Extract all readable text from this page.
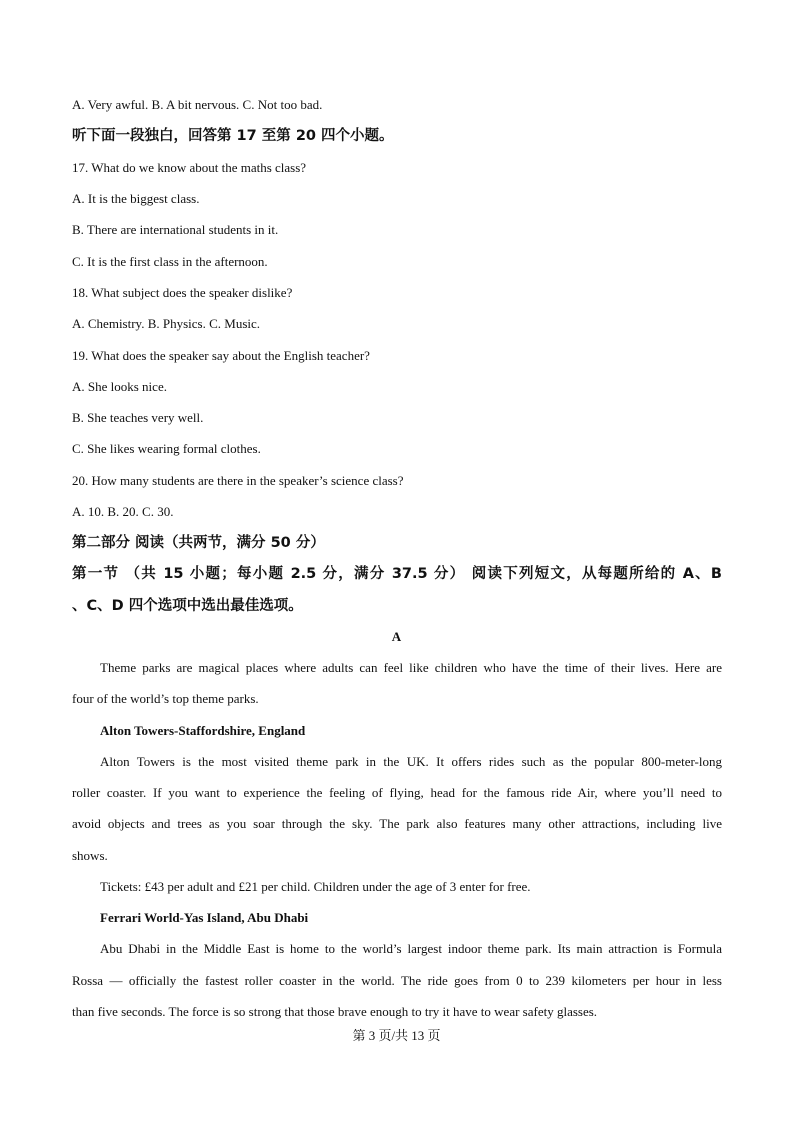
A. Very awful. B. A bit nervous. C. Not too bad.
听下面一段独白，回答第 17 至第 20 四个小题。
17. What do we know about the maths class?
A. It is the biggest class.
B. There are international students in it.
C. It is the first class in the afternoon.
18. What subject does the speaker dislike?
A. Chemistry. B. Physics. C. Music.
19. What does the speaker say about the English teacher?
A. She looks nice.
B. She teaches very well.
C. She likes wearing formal clothes.
20. How many students are there in the speaker’s science class?
A. 10. B. 20. C. 30.
第二部分 阅读（共两节，满分 50 分）
第一节 （共 15 小题；每小题 2.5 分，满分 37.5 分） 阅读下列短文，从每题所给的 A、B
、C、D 四个选项中选出最佳选项。
A
Theme parks are magical places where adults can feel like children who have the time of their lives. Here are
four of the world’s top theme parks.
Alton Towers-Staffordshire, England
Alton Towers is the most visited theme park in the UK. It offers rides such as the popular 800-meter-long
roller coaster. If you want to experience the feeling of flying, head for the famous ride Air, where you’ll need to
avoid objects and trees as you soar through the sky. The park also features many other attractions, including live
shows.
Tickets: £43 per adult and £21 per child. Children under the age of 3 enter for free.
Ferrari World-Yas Island, Abu Dhabi
Abu Dhabi in the Middle East is home to the world’s largest indoor theme park. Its main attraction is Formula
Rossa — officially the fastest roller coaster in the world. The ride goes from 0 to 239 kilometers per hour in less
than five seconds. The force is so strong that those brave enough to try it have to wear safety glasses.
第 3 页/共 13 页
